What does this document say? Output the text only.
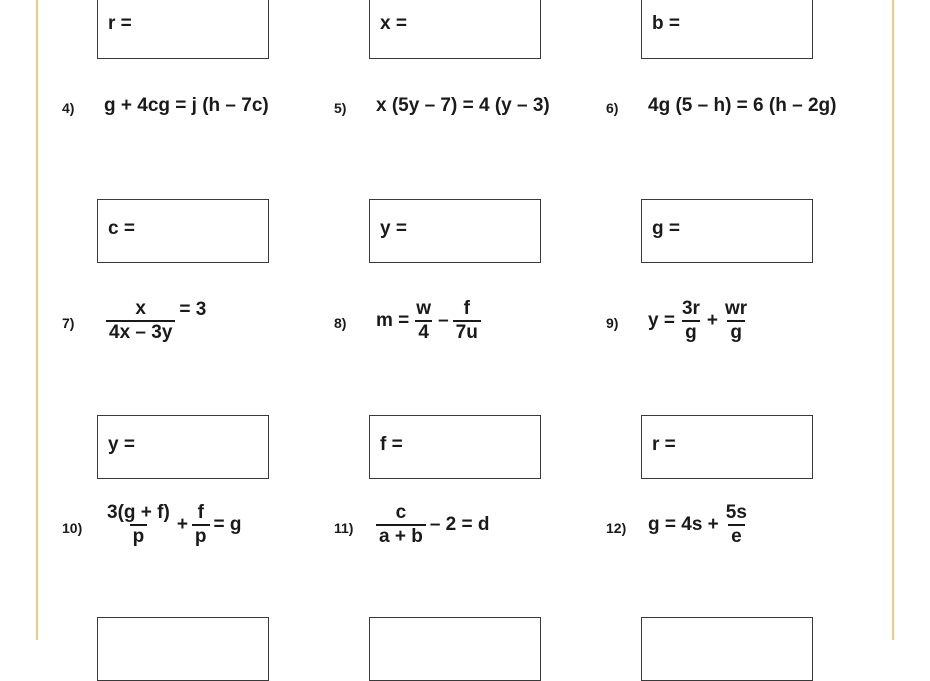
r =	x =	b =
4) g + 4cg = j (h – 7c)	5) x (5y – 7) = 4 (y – 3)	6) 4g (5 – h) = 6 (h – 2g)
c =	y =	g =
$7) \frac{x}{4x - 3y} = 3$
8) $m = \frac{w}{4} - \frac{f}{7u}$	9) $y = \frac{3r}{g} + \frac{wr}{g}$
y =	f =	r =
$10) \frac{3(g + f)}{p} + \frac{f}{p} = g$	$11) \frac{c}{a + b} - 2 = d$	12) $g = 4s + \frac{5s}{e}$
